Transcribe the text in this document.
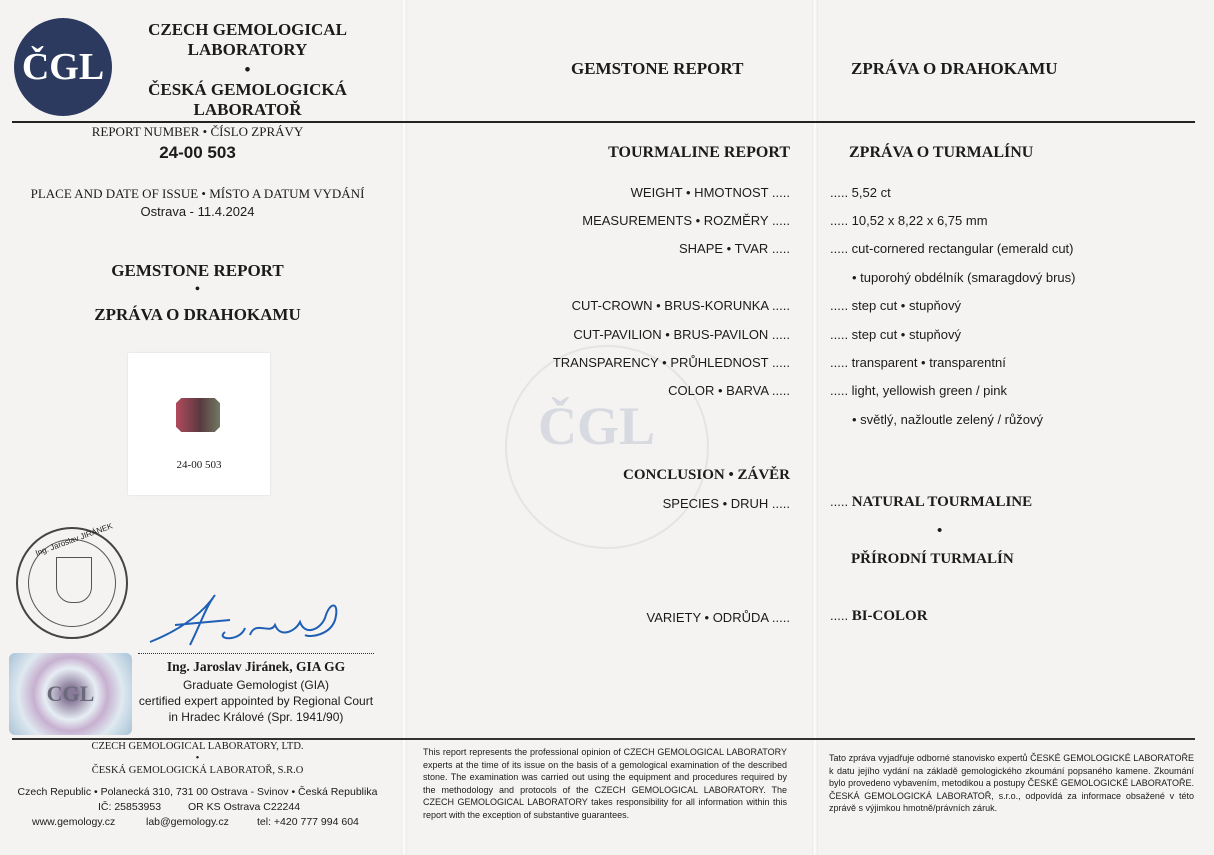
ČGL
ČGL
CZECH GEMOLOGICAL LABORATORY
•
ČESKÁ GEMOLOGICKÁ LABORATOŘ
REPORT NUMBER • ČÍSLO ZPRÁVY
24-00 503
PLACE AND DATE OF ISSUE • MÍSTO A DATUM VYDÁNÍ
Ostrava - 11.4.2024
GEMSTONE REPORT
•
ZPRÁVA O DRAHOKAMU
24-00 503
Ing. Jaroslav JIRÁNEK
CGL
Ing. Jaroslav Jiránek, GIA GG
Graduate Gemologist (GIA)
certified expert appointed by Regional Court
in Hradec Králové (Spr. 1941/90)
CZECH GEMOLOGICAL LABORATORY, LTD.
•
ČESKÁ GEMOLOGICKÁ LABORATOŘ, S.R.O
Czech Republic • Polanecká 310, 731 00 Ostrava - Svinov • Česká Republika
IČ: 25853953	OR KS Ostrava C22244
www.gemology.cz	lab@gemology.cz	tel: +420 777 994 604
GEMSTONE REPORT	ZPRÁVA O DRAHOKAMU
TOURMALINE REPORT	ZPRÁVA O TURMALÍNU
WEIGHT • HMOTNOST .....	..... 5,52 ct
MEASUREMENTS • ROZMĚRY .....	..... 10,52 x 8,22 x 6,75 mm
SHAPE • TVAR .....	..... cut-cornered rectangular (emerald cut)
• tuporohý obdélník (smaragdový brus)
CUT-CROWN • BRUS-KORUNKA .....	..... step cut • stupňový
CUT-PAVILION • BRUS-PAVILON .....	..... step cut • stupňový
TRANSPARENCY • PRŮHLEDNOST .....	..... transparent • transparentní
COLOR • BARVA .....	..... light, yellowish green / pink
• světlý, nažloutle zelený / růžový
CONCLUSION • ZÁVĚR
SPECIES • DRUH .....	..... NATURAL TOURMALINE
•
PŘÍRODNÍ TURMALÍN
VARIETY • ODRŮDA .....	..... BI-COLOR
This report represents the professional opinion of CZECH GEMOLOGICAL LABORATORY experts at the time of its issue on the basis of a gemological examination of the described stone. The examination was carried out using the equipment and procedures required by the methodology and protocols of the CZECH GEMOLOGICAL LABORATORY. The CZECH GEMOLOGICAL LABORATORY takes responsibility for all information within this report with the exception of substantive guarantees.
Tato zpráva vyjadřuje odborné stanovisko expertů ČESKÉ GEMOLOGICKÉ LABORATOŘE k datu jejího vydání na základě gemologického zkoumání popsaného kamene. Zkoumání bylo provedeno vybavením, metodikou a postupy ČESKÉ GEMOLOGICKÉ LABORATOŘE. ČESKÁ GEMOLOGICKÁ LABORATOŘ, s.r.o., odpovídá za informace obsažené v této zprávě s výjimkou hmotně/právních záruk.
